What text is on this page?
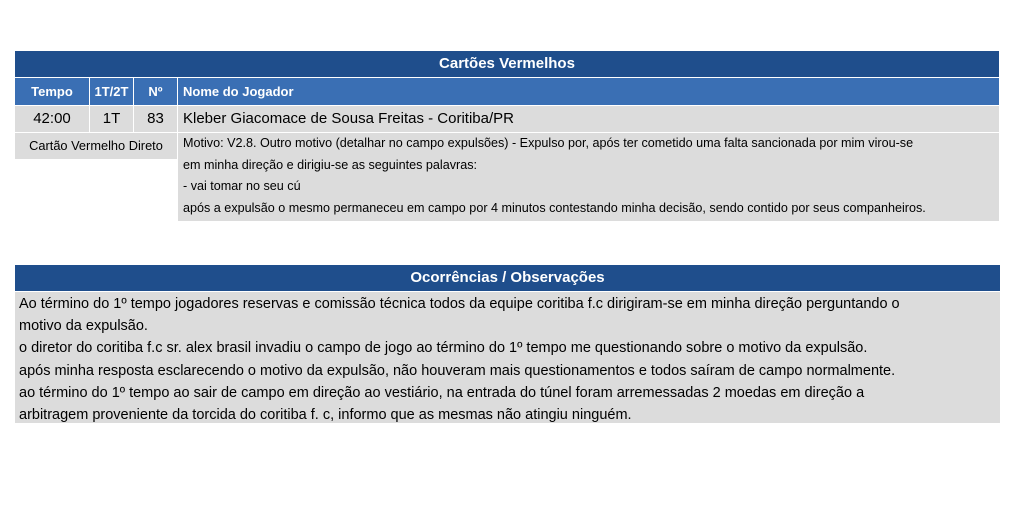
Cartões Vermelhos
Tempo	1T/2T	Nº	Nome do Jogador
42:00	1T	83	Kleber Giacomace de Sousa Freitas - Coritiba/PR
Cartão Vermelho Direto	Motivo: V2.8. Outro motivo (detalhar no campo expulsões) - Expulso por, após ter cometido uma falta sancionada por mim virou-se
em minha direção e dirigiu-se as seguintes palavras:
- vai tomar no seu cú
após a expulsão o mesmo permaneceu em campo por 4 minutos contestando minha decisão, sendo contido por seus companheiros.
Ocorrências / Observações
Ao término do 1º tempo jogadores reservas e comissão técnica todos da equipe coritiba f.c dirigiram-se em minha direção perguntando o
motivo da expulsão.
o diretor do coritiba f.c sr. alex brasil invadiu o campo de jogo ao término do 1º tempo me questionando sobre o motivo da expulsão.
após minha resposta esclarecendo o motivo da expulsão, não houveram mais questionamentos e todos saíram de campo normalmente.
ao término do 1º tempo ao sair de campo em direção ao vestiário, na entrada do túnel foram arremessadas 2 moedas em direção a
arbitragem proveniente da torcida do coritiba f. c, informo que as mesmas não atingiu ninguém.
